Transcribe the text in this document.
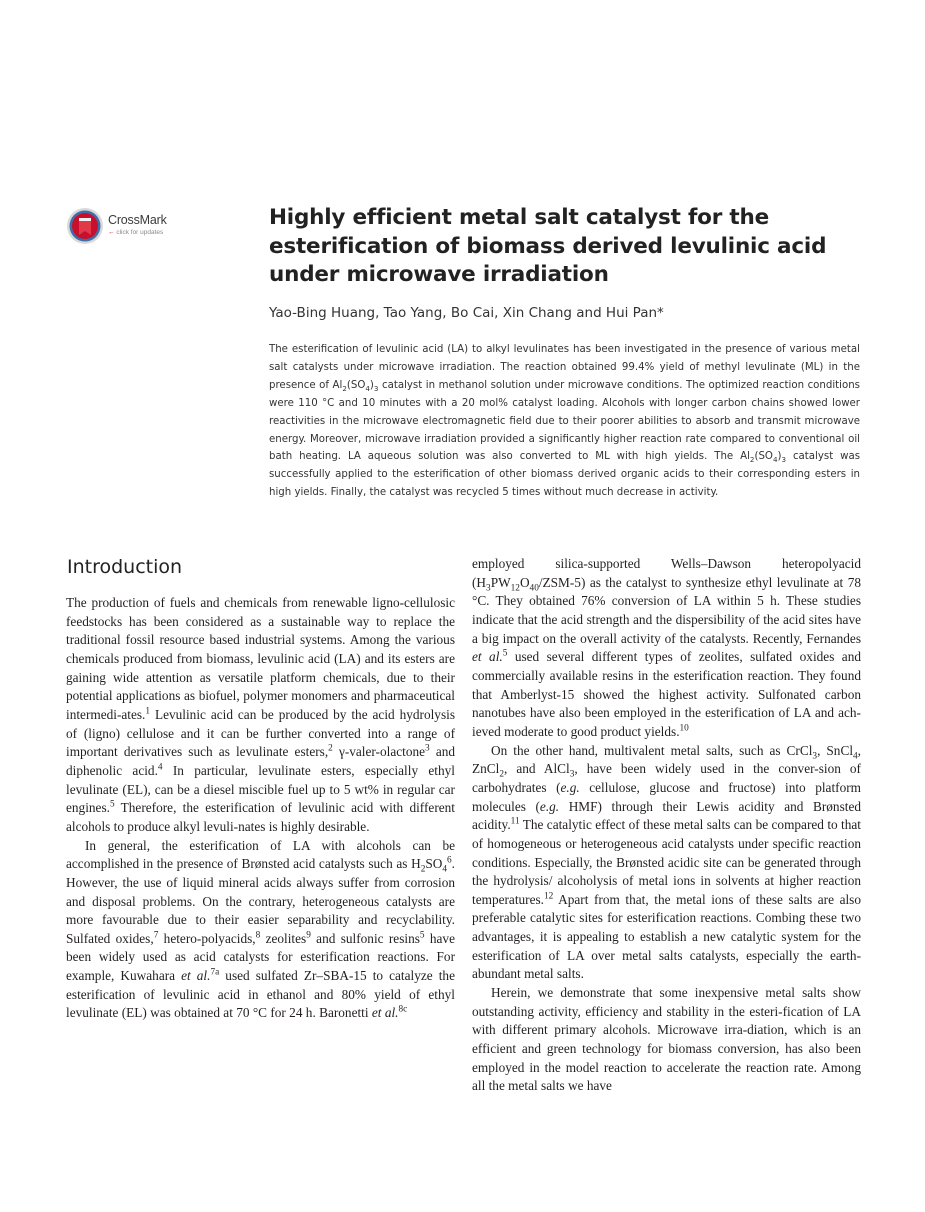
CrossMark
← click for updates
Highly efficient metal salt catalyst for the esterification of biomass derived levulinic acid under microwave irradiation
Yao-Bing Huang, Tao Yang, Bo Cai, Xin Chang and Hui Pan*

The esterification of levulinic acid (LA) to alkyl levulinates has been investigated in the presence of various metal salt catalysts under microwave irradiation. The reaction obtained 99.4% yield of methyl levulinate (ML) in the presence of $Al_2(SO_4)_3$ catalyst in methanol solution under microwave conditions. The optimized reaction conditions were 110 °C and 10 minutes with a 20 mol% catalyst loading. Alcohols with longer carbon chains showed lower reactivities in the microwave electromagnetic field due to their poorer abilities to absorb and transmit microwave energy. Moreover, microwave irradiation provided a significantly higher reaction rate compared to conventional oil bath heating. LA aqueous solution was also converted to ML with high yields. The $Al_2(SO_4)_3$ catalyst was successfully applied to the esterification of other biomass derived organic acids to their corresponding esters in high yields. Finally, the catalyst was recycled 5 times without much decrease in activity.

Introduction

The production of fuels and chemicals from renewable ligno-cellulosic feedstocks has been considered as a sustainable way to replace the traditional fossil resource based industrial systems. Among the various chemicals produced from biomass, levulinic acid (LA) and its esters are gaining wide attention as versatile platform chemicals, due to their potential applications as biofuel, polymer monomers and pharmaceutical intermedi-ates.$^1$ Levulinic acid can be produced by the acid hydrolysis of (ligno) cellulose and it can be further converted into a range of important derivatives such as levulinate esters,$^2$ γ-valer-olactone$^3$ and diphenolic acid.$^4$ In particular, levulinate esters, especially ethyl levulinate (EL), can be a diesel miscible fuel up to 5 wt% in regular car engines.$^5$ Therefore, the esterification of levulinic acid with different alcohols to produce alkyl levuli-nates is highly desirable.

In general, the esterification of LA with alcohols can be accomplished in the presence of Brønsted acid catalysts such as $H_2SO_4^6$. However, the use of liquid mineral acids always suffer from corrosion and disposal problems. On the contrary, heterogeneous catalysts are more favourable due to their easier separability and recyclability. Sulfated oxides,$^7$ hetero-polyacids,$^8$ zeolites$^9$ and sulfonic resins$^5$ have been widely used as acid catalysts for esterification reactions. For example, Kuwahara et al.$^{7a}$ used sulfated Zr–SBA-15 to catalyze the esterification of levulinic acid in ethanol and 80% yield of ethyl levulinate (EL) was obtained at 70 °C for 24 h. Baronetti et al.$^{8c}$

employed silica-supported Wells–Dawson heteropolyacid $(H_3PW_{12}O_{40}/ZSM-5)$ as the catalyst to synthesize ethyl levulinate at 78 °C. They obtained 76% conversion of LA within 5 h. These studies indicate that the acid strength and the dispersibility of the acid sites have a big impact on the overall activity of the catalysts. Recently, Fernandes et al.$^5$ used several different types of zeolites, sulfated oxides and commercially available resins in the esterification reaction. They found that Amberlyst-15 showed the highest activity. Sulfonated carbon nanotubes have also been employed in the esterification of LA and ach-ieved moderate to good product yields.$^{10}$

On the other hand, multivalent metal salts, such as CrCl$_3$, SnCl$_4$, ZnCl$_2$, and AlCl$_3$, have been widely used in the conver-sion of carbohydrates (e.g. cellulose, glucose and fructose) into platform molecules (e.g. HMF) through their Lewis acidity and Brønsted acidity.$^{11}$ The catalytic effect of these metal salts can be compared to that of homogeneous or heterogeneous acid catalysts under specific reaction conditions. Especially, the Brønsted acidic site can be generated through the hydrolysis/ alcoholysis of metal ions in solvents at higher reaction temperatures.$^{12}$ Apart from that, the metal ions of these salts are also preferable catalytic sites for esterification reactions. Combing these two advantages, it is appealing to establish a new catalytic system for the esterification of LA over metal salts catalysts, especially the earth-abundant metal salts.

Herein, we demonstrate that some inexpensive metal salts show outstanding activity, efficiency and stability in the esteri-fication of LA with different primary alcohols. Microwave irra-diation, which is an efficient and green technology for biomass conversion, has also been employed in the model reaction to accelerate the reaction rate. Among all the metal salts we have
